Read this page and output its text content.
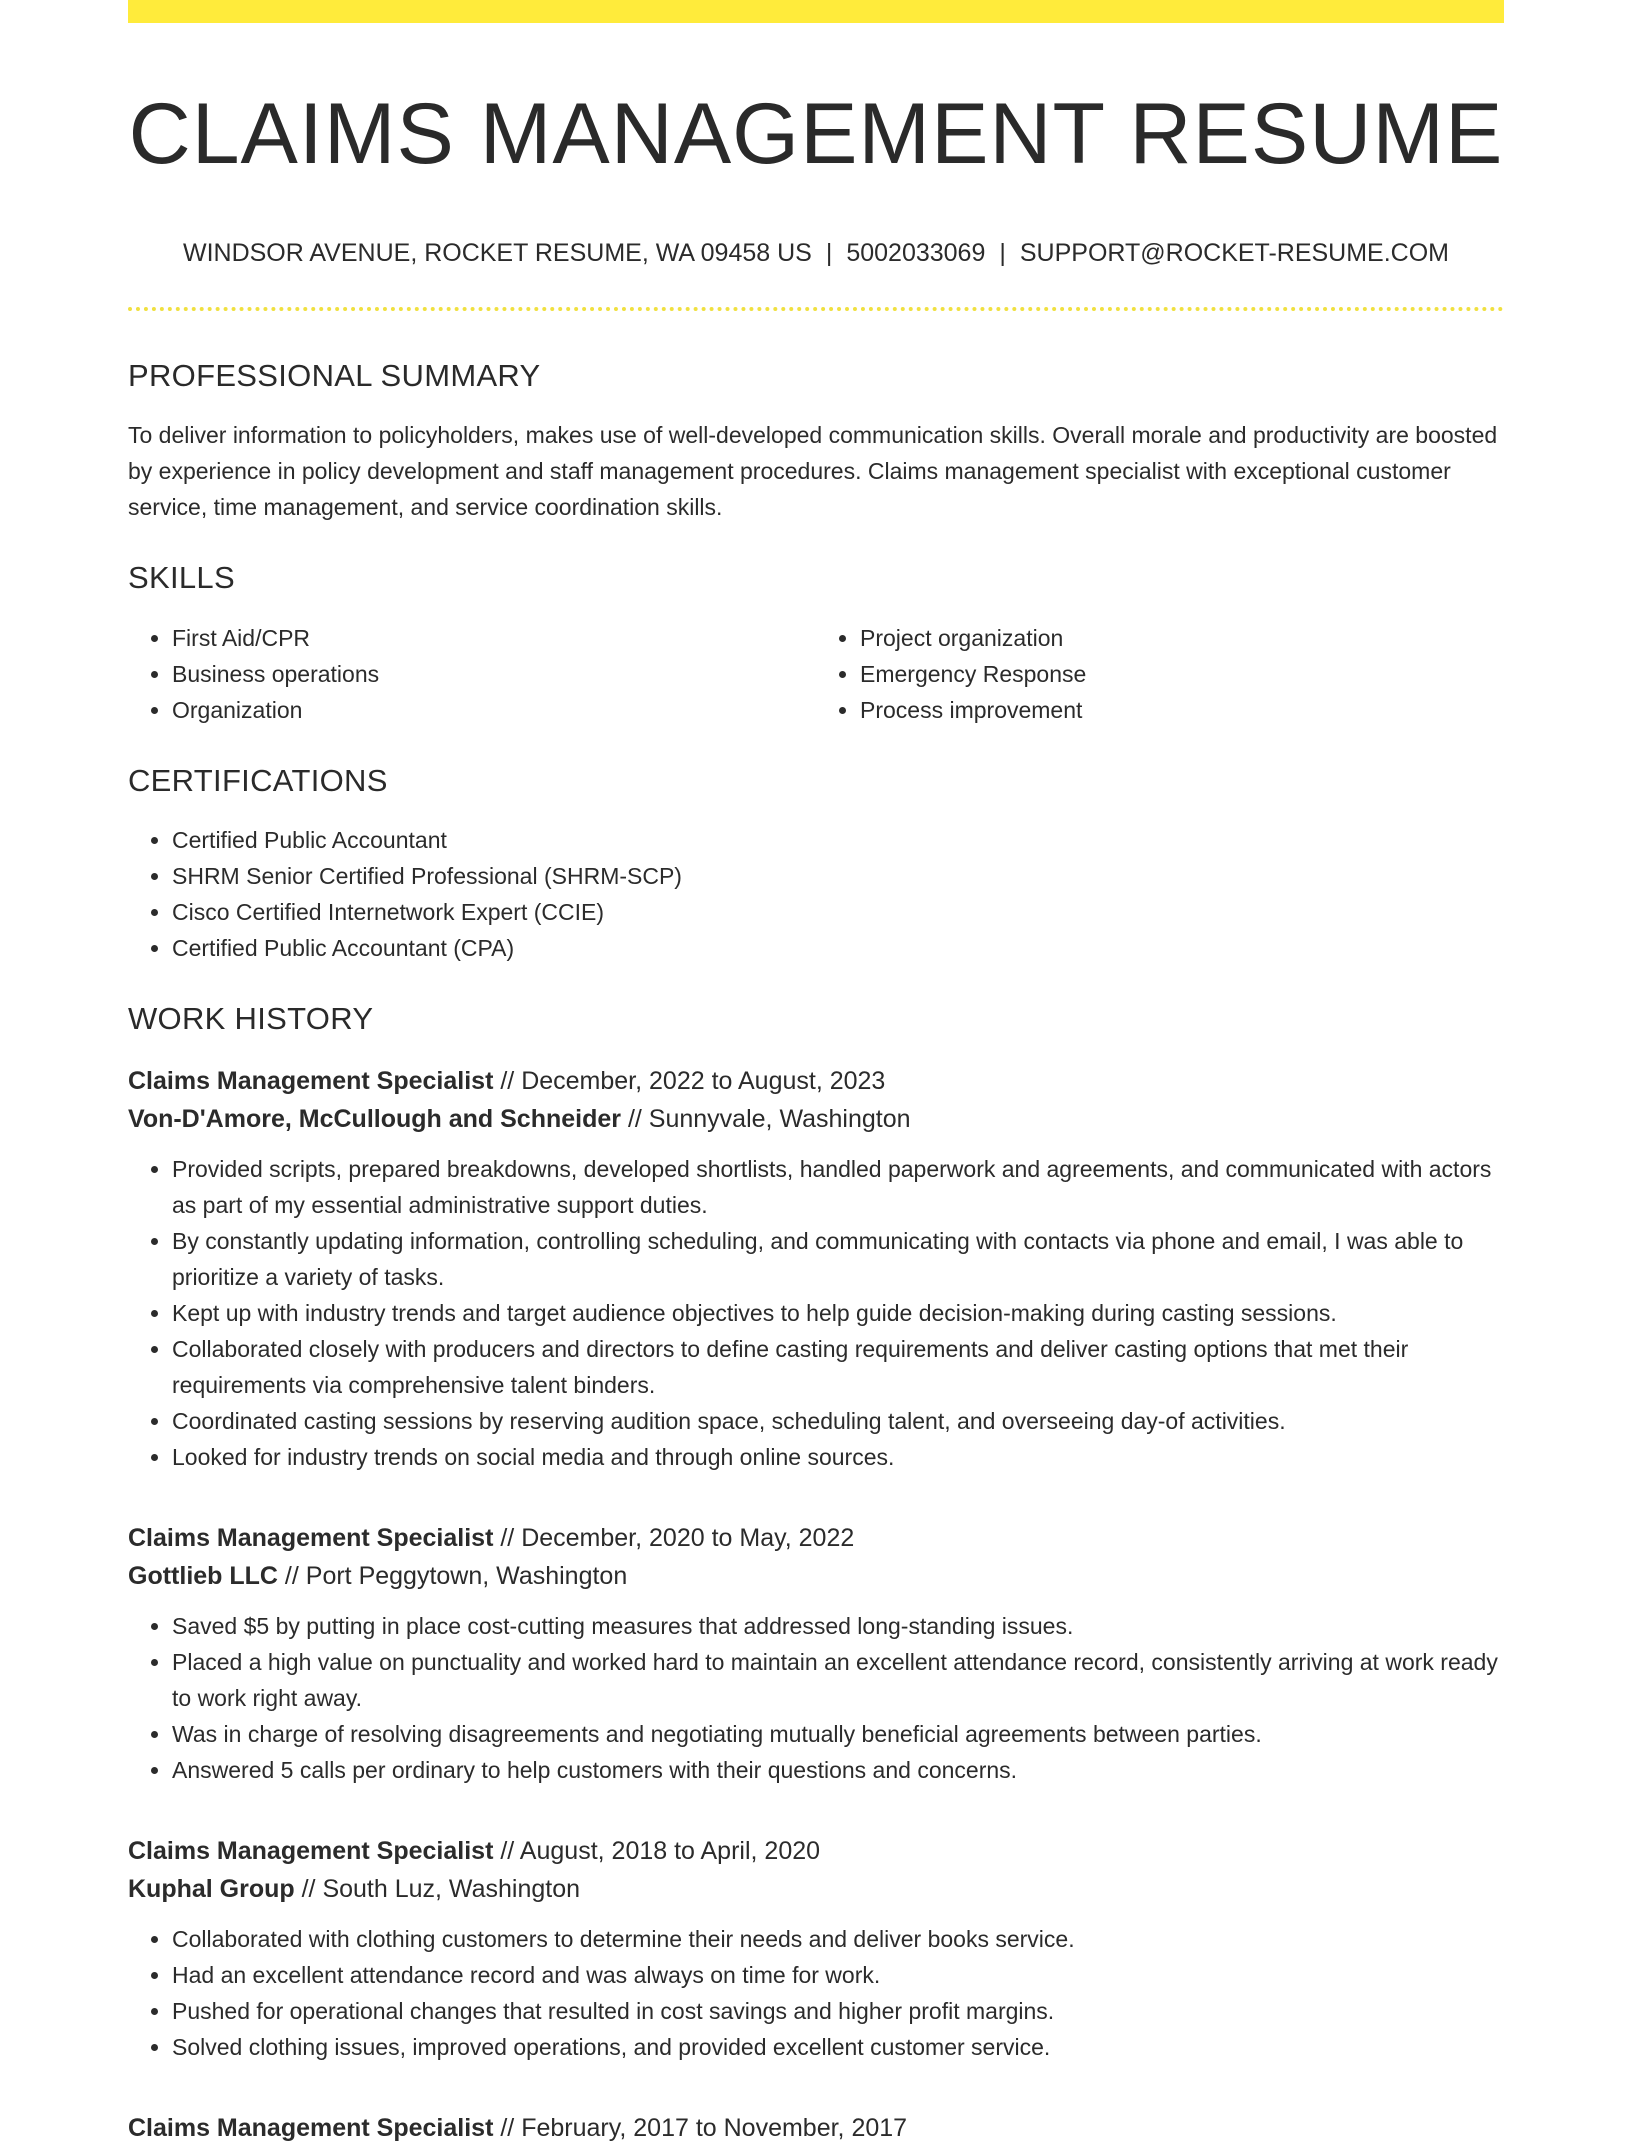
CLAIMS MANAGEMENT RESUME
WINDSOR AVENUE, ROCKET RESUME, WA 09458 US | 5002033069 | SUPPORT@ROCKET-RESUME.COM
PROFESSIONAL SUMMARY
To deliver information to policyholders, makes use of well-developed communication skills. Overall morale and productivity are boosted by experience in policy development and staff management procedures. Claims management specialist with exceptional customer service, time management, and service coordination skills.
SKILLS
• First Aid/CPR
• Business operations
• Organization
• Project organization
• Emergency Response
• Process improvement
CERTIFICATIONS
• Certified Public Accountant
• SHRM Senior Certified Professional (SHRM-SCP)
• Cisco Certified Internetwork Expert (CCIE)
• Certified Public Accountant (CPA)
WORK HISTORY
Claims Management Specialist // December, 2022 to August, 2023
Von-D'Amore, McCullough and Schneider // Sunnyvale, Washington
• Provided scripts, prepared breakdowns, developed shortlists, handled paperwork and agreements, and communicated with actors as part of my essential administrative support duties.
• By constantly updating information, controlling scheduling, and communicating with contacts via phone and email, I was able to prioritize a variety of tasks.
• Kept up with industry trends and target audience objectives to help guide decision-making during casting sessions.
• Collaborated closely with producers and directors to define casting requirements and deliver casting options that met their requirements via comprehensive talent binders.
• Coordinated casting sessions by reserving audition space, scheduling talent, and overseeing day-of activities.
• Looked for industry trends on social media and through online sources.
Claims Management Specialist // December, 2020 to May, 2022
Gottlieb LLC // Port Peggytown, Washington
• Saved $5 by putting in place cost-cutting measures that addressed long-standing issues.
• Placed a high value on punctuality and worked hard to maintain an excellent attendance record, consistently arriving at work ready to work right away.
• Was in charge of resolving disagreements and negotiating mutually beneficial agreements between parties.
• Answered 5 calls per ordinary to help customers with their questions and concerns.
Claims Management Specialist // August, 2018 to April, 2020
Kuphal Group // South Luz, Washington
• Collaborated with clothing customers to determine their needs and deliver books service.
• Had an excellent attendance record and was always on time for work.
• Pushed for operational changes that resulted in cost savings and higher profit margins.
• Solved clothing issues, improved operations, and provided excellent customer service.
Claims Management Specialist // February, 2017 to November, 2017
